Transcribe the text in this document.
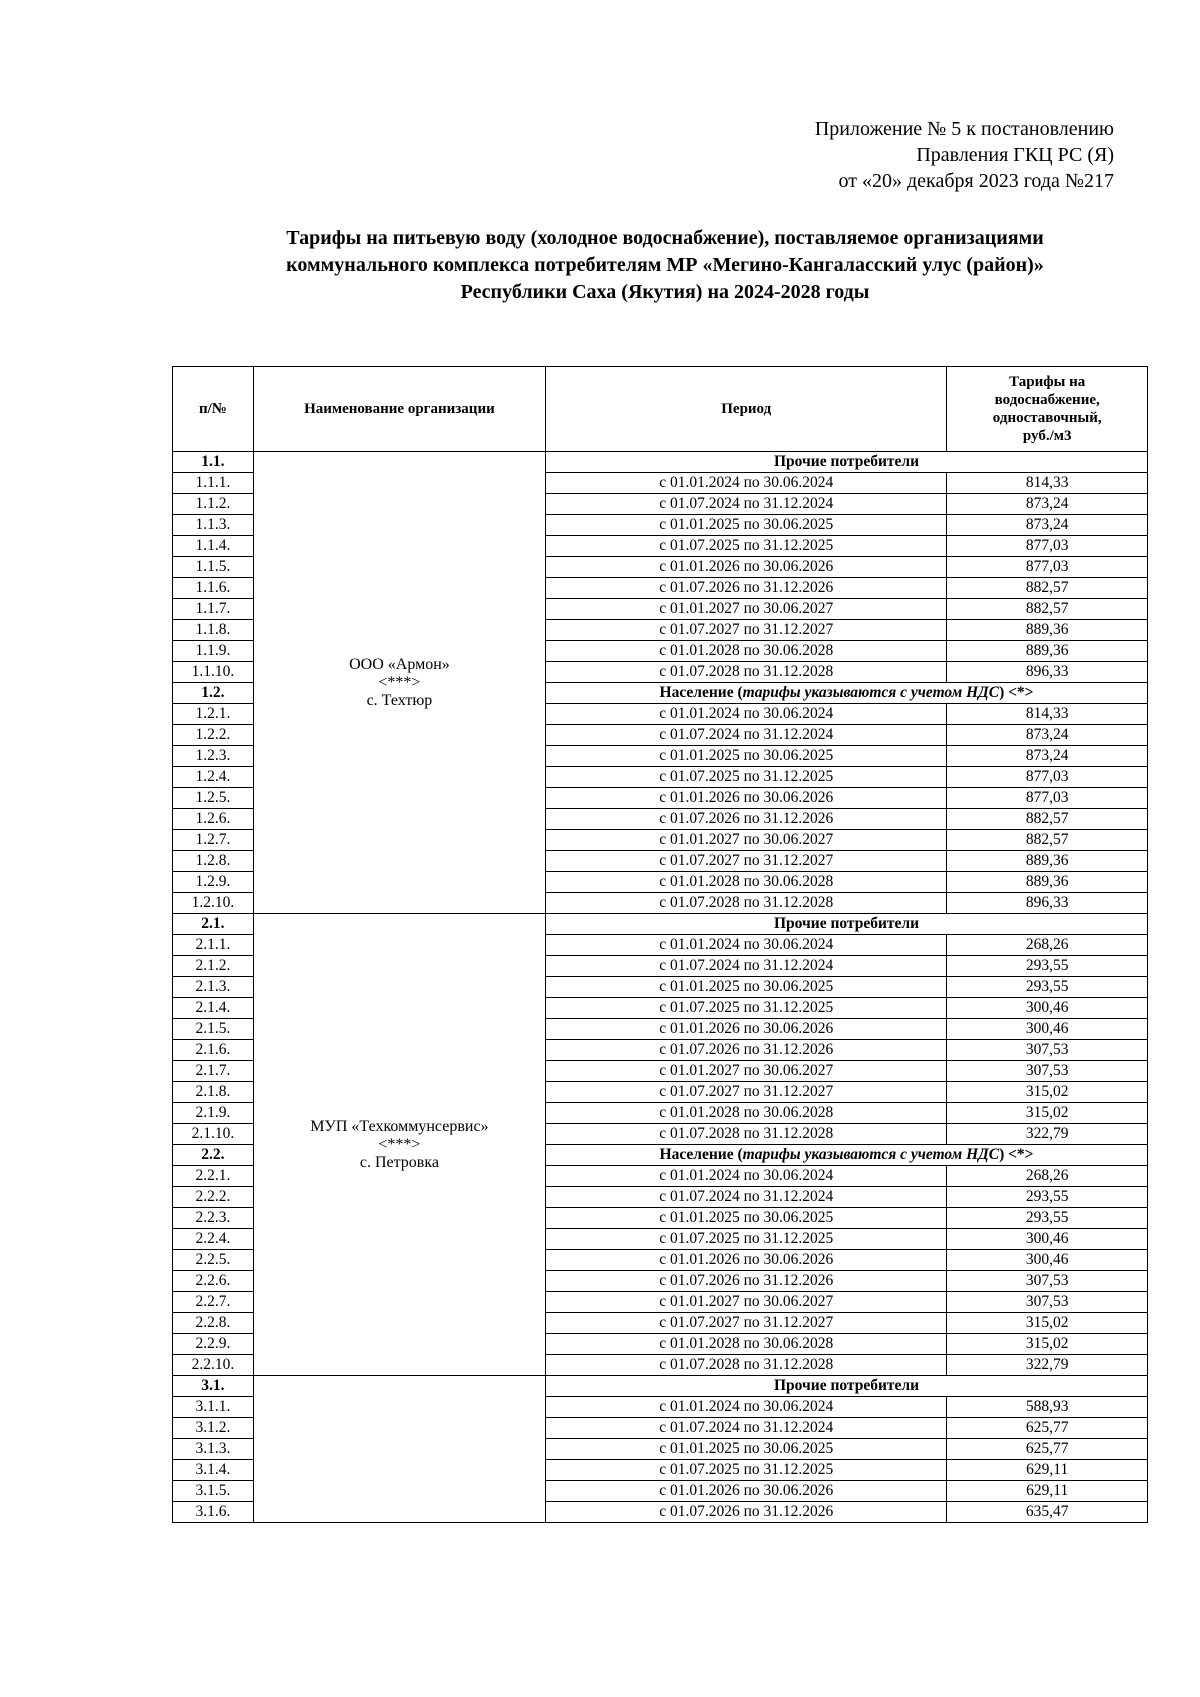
Приложение № 5 к постановлению
Правления ГКЦ РС (Я)
от «20» декабря 2023 года №217
Тарифы на питьевую воду (холодное водоснабжение), поставляемое организациями
коммунального комплекса потребителям МР «Мегино-Кангаласский улус (район)»
Республики Саха (Якутия) на 2024-2028 годы
п/№	Наименование организации	Период	Тарифы на
водоснабжение,
одноставочный,
руб./м3

1.1.	ООО «Армон»
<***>
с. Техтюр	Прочие потребители	
1.1.1.		с 01.01.2024 по 30.06.2024	814,33
1.1.2.		с 01.07.2024 по 31.12.2024	873,24
1.1.3.		с 01.01.2025 по 30.06.2025	873,24
1.1.4.		с 01.07.2025 по 31.12.2025	877,03
1.1.5.		с 01.01.2026 по 30.06.2026	877,03
1.1.6.		с 01.07.2026 по 31.12.2026	882,57
1.1.7.		с 01.01.2027 по 30.06.2027	882,57
1.1.8.		с 01.07.2027 по 31.12.2027	889,36
1.1.9.		с 01.01.2028 по 30.06.2028	889,36
1.1.10.		с 01.07.2028 по 31.12.2028	896,33
1.2.		Население (тарифы указываются с учетом НДС) <*>	
1.2.1.		с 01.01.2024 по 30.06.2024	814,33
1.2.2.		с 01.07.2024 по 31.12.2024	873,24
1.2.3.		с 01.01.2025 по 30.06.2025	873,24
1.2.4.		с 01.07.2025 по 31.12.2025	877,03
1.2.5.		с 01.01.2026 по 30.06.2026	877,03
1.2.6.		с 01.07.2026 по 31.12.2026	882,57
1.2.7.		с 01.01.2027 по 30.06.2027	882,57
1.2.8.		с 01.07.2027 по 31.12.2027	889,36
1.2.9.		с 01.01.2028 по 30.06.2028	889,36
1.2.10.		с 01.07.2028 по 31.12.2028	896,33
2.1.	МУП «Техкоммунсервис»
<***>
с. Петровка	Прочие потребители	
2.1.1.		с 01.01.2024 по 30.06.2024	268,26
2.1.2.		с 01.07.2024 по 31.12.2024	293,55
2.1.3.		с 01.01.2025 по 30.06.2025	293,55
2.1.4.		с 01.07.2025 по 31.12.2025	300,46
2.1.5.		с 01.01.2026 по 30.06.2026	300,46
2.1.6.		с 01.07.2026 по 31.12.2026	307,53
2.1.7.		с 01.01.2027 по 30.06.2027	307,53
2.1.8.		с 01.07.2027 по 31.12.2027	315,02
2.1.9.		с 01.01.2028 по 30.06.2028	315,02
2.1.10.		с 01.07.2028 по 31.12.2028	322,79
2.2.		Население (тарифы указываются с учетом НДС) <*>	
2.2.1.		с 01.01.2024 по 30.06.2024	268,26
2.2.2.		с 01.07.2024 по 31.12.2024	293,55
2.2.3.		с 01.01.2025 по 30.06.2025	293,55
2.2.4.		с 01.07.2025 по 31.12.2025	300,46
2.2.5.		с 01.01.2026 по 30.06.2026	300,46
2.2.6.		с 01.07.2026 по 31.12.2026	307,53
2.2.7.		с 01.01.2027 по 30.06.2027	307,53
2.2.8.		с 01.07.2027 по 31.12.2027	315,02
2.2.9.		с 01.01.2028 по 30.06.2028	315,02
2.2.10.		с 01.07.2028 по 31.12.2028	322,79
3.1.		Прочие потребители	
3.1.1.		с 01.01.2024 по 30.06.2024	588,93
3.1.2.		с 01.07.2024 по 31.12.2024	625,77
3.1.3.		с 01.01.2025 по 30.06.2025	625,77
3.1.4.		с 01.07.2025 по 31.12.2025	629,11
3.1.5.		с 01.01.2026 по 30.06.2026	629,11
3.1.6.		с 01.07.2026 по 31.12.2026	635,47
